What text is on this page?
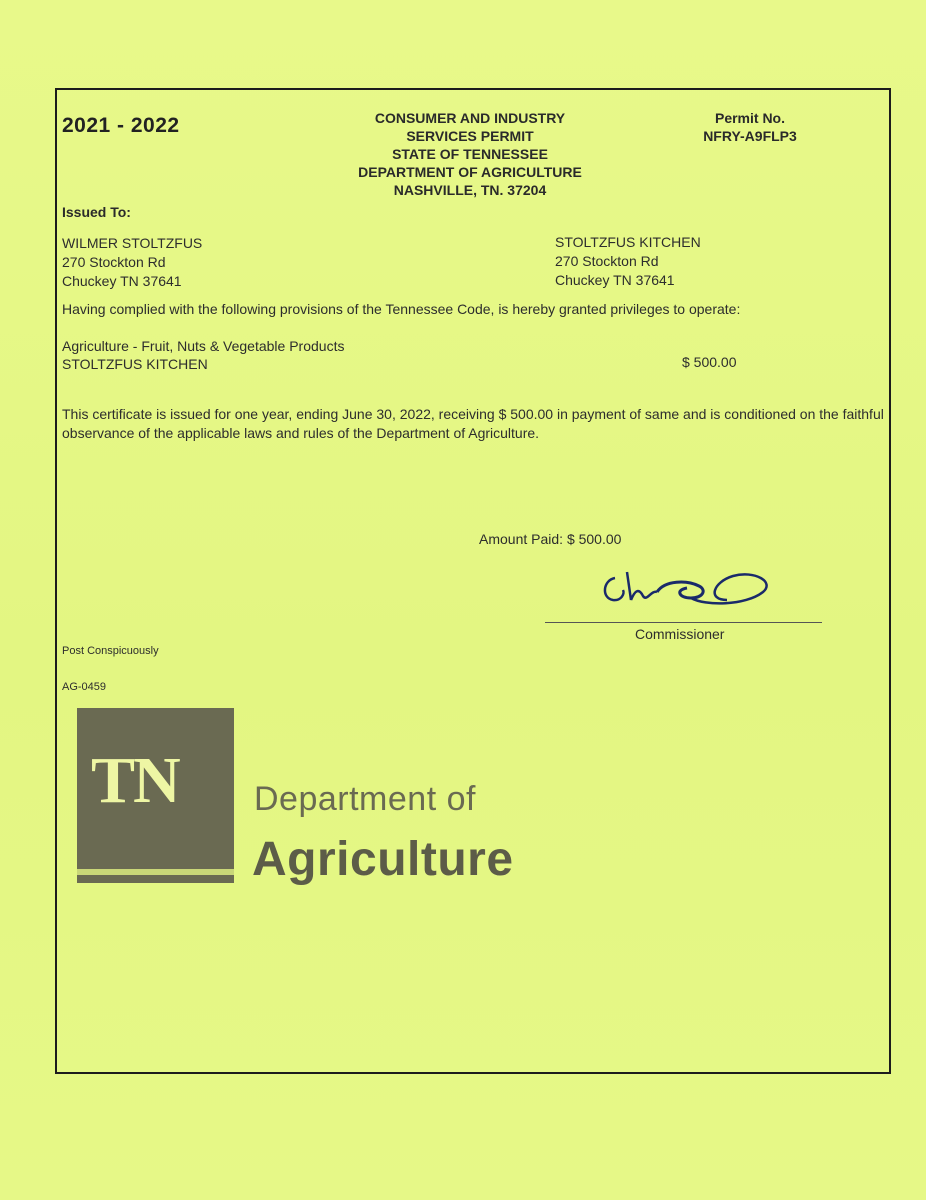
2021 - 2022	CONSUMER AND INDUSTRY
SERVICES PERMIT
STATE OF TENNESSEE
DEPARTMENT OF AGRICULTURE
NASHVILLE, TN. 37204
Permit No.
NFRY-A9FLP3
Issued To:
WILMER STOLTZFUS
270 Stockton Rd
Chuckey TN 37641
STOLTZFUS KITCHEN
270 Stockton Rd
Chuckey TN 37641
Having complied with the following provisions of the Tennessee Code, is hereby granted privileges to operate:
Agriculture - Fruit, Nuts & Vegetable Products
STOLTZFUS KITCHEN	$ 500.00
This certificate is issued for one year, ending June 30, 2022, receiving $ 500.00 in payment of same and is conditioned on the faithful observance of the applicable laws and rules of the Department of Agriculture.
Amount Paid: $ 500.00
Commissioner
Post Conspicuously
AG-0459
TN Department of
Agriculture
